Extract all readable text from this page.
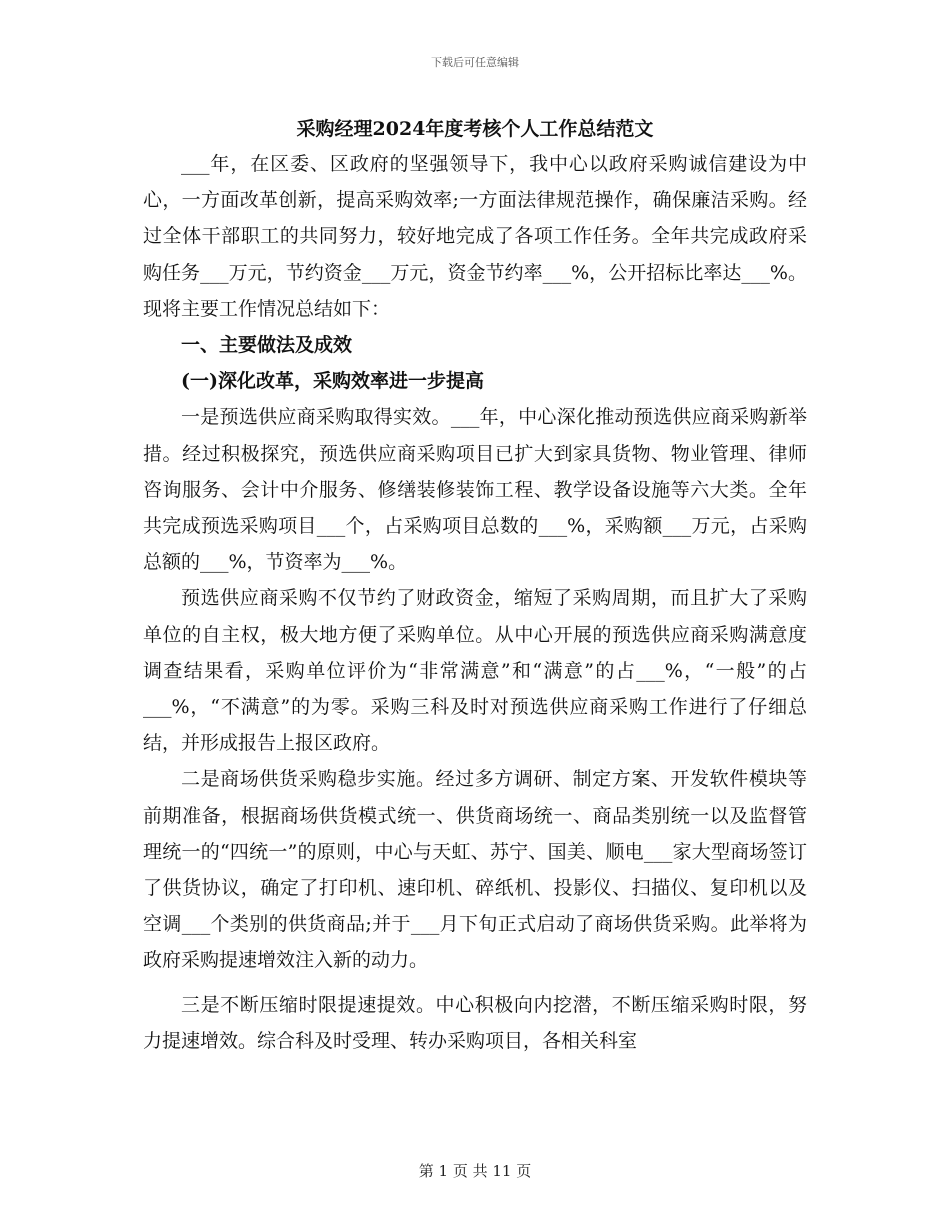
下载后可任意编辑
采购经理2024年度考核个人工作总结范文

___年，在区委、区政府的坚强领导下，我中心以政府采购诚信建设为中心，一方面改革创新，提高采购效率;一方面法律规范操作，确保廉洁采购。经过全体干部职工的共同努力，较好地完成了各项工作任务。全年共完成政府采购任务___万元，节约资金___万元，资金节约率___%，公开招标比率达___%。现将主要工作情况总结如下：

一、主要做法及成效

(一)深化改革，采购效率进一步提高

一是预选供应商采购取得实效。___年，中心深化推动预选供应商采购新举措。经过积极探究，预选供应商采购项目已扩大到家具货物、物业管理、律师咨询服务、会计中介服务、修缮装修装饰工程、教学设备设施等六大类。全年共完成预选采购项目___个，占采购项目总数的___%，采购额___万元，占采购总额的___%，节资率为___%。

预选供应商采购不仅节约了财政资金，缩短了采购周期，而且扩大了采购单位的自主权，极大地方便了采购单位。从中心开展的预选供应商采购满意度调查结果看，采购单位评价为“非常满意”和“满意”的占___%，“一般”的占___%，“不满意”的为零。采购三科及时对预选供应商采购工作进行了仔细总结，并形成报告上报区政府。

二是商场供货采购稳步实施。经过多方调研、制定方案、开发软件模块等前期准备，根据商场供货模式统一、供货商场统一、商品类别统一以及监督管理统一的“四统一”的原则，中心与天虹、苏宁、国美、顺电___家大型商场签订了供货协议，确定了打印机、速印机、碎纸机、投影仪、扫描仪、复印机以及空调___个类别的供货商品;并于___月下旬正式启动了商场供货采购。此举将为政府采购提速增效注入新的动力。

三是不断压缩时限提速提效。中心积极向内挖潜，不断压缩采购时限，努力提速增效。综合科及时受理、转办采购项目，各相关科室

第 1 页 共 11 页
